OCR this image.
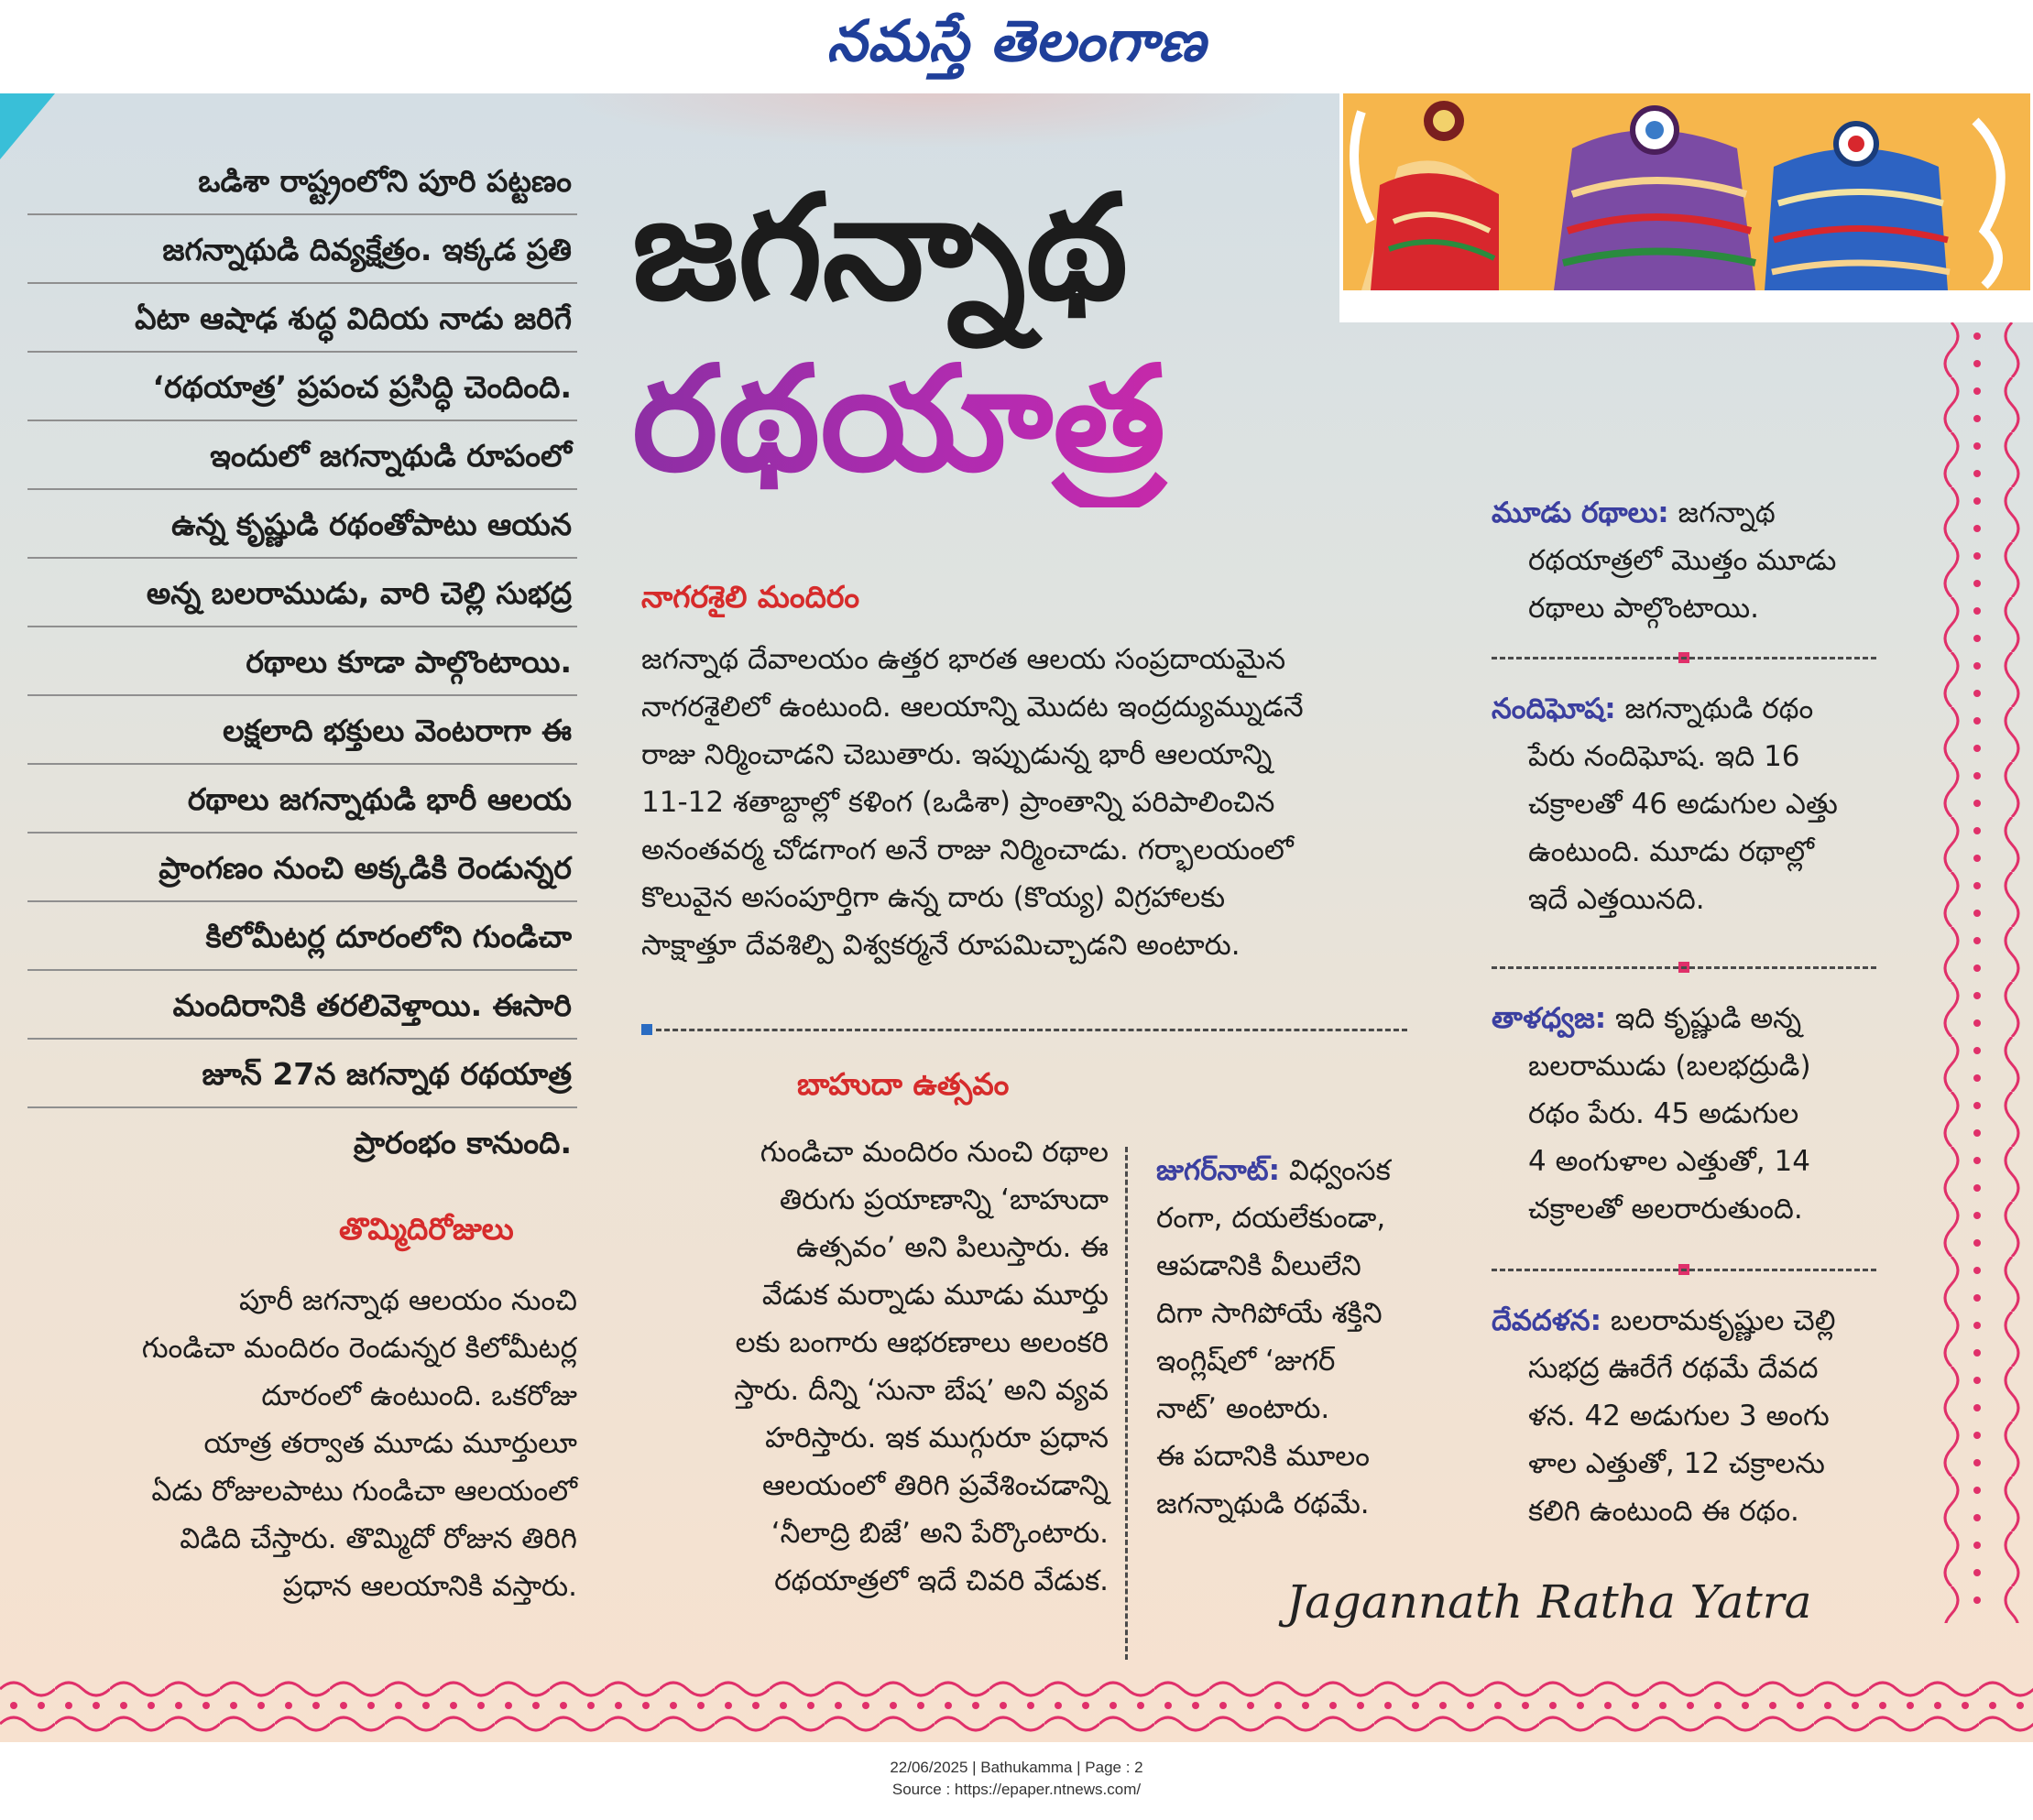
నమస్తే తెలంగాణ

ఒడిశా రాష్ట్రంలోని పూరి పట్టణం

జగన్నాథుడి దివ్యక్షేత్రం. ఇక్కడ ప్రతి

ఏటా ఆషాఢ శుద్ధ విదియ నాడు జరిగే

‘రథయాత్ర’ ప్రపంచ ప్రసిద్ధి చెందింది.

ఇందులో జగన్నాథుడి రూపంలో

ఉన్న కృష్ణుడి రథంతోపాటు ఆయన

అన్న బలరాముడు, వారి చెల్లి సుభద్ర

రథాలు కూడా పాల్గొంటాయి.

లక్షలాది భక్తులు వెంటరాగా ఈ

రథాలు జగన్నాథుడి భారీ ఆలయ

ప్రాంగణం నుంచి అక్కడికి రెండున్నర

కిలోమీటర్ల దూరంలోని గుండిచా

మందిరానికి తరలివెళ్తాయి. ఈసారి

జూన్ 27న జగన్నాథ రథయాత్ర

ప్రారంభం కానుంది.

జగన్నాథ
రథయాత్ర
నాగరశైలి మందిరం
జగన్నాథ దేవాలయం ఉత్తర భారత ఆలయ సంప్రదాయమైన
నాగరశైలిలో ఉంటుంది. ఆలయాన్ని మొదట ఇంద్రద్యుమ్నుడనే
రాజు నిర్మించాడని చెబుతారు. ఇప్పుడున్న భారీ ఆలయాన్ని
11-12 శతాబ్దాల్లో కళింగ (ఒడిశా) ప్రాంతాన్ని పరిపాలించిన
అనంతవర్మ చోడగాంగ అనే రాజు నిర్మించాడు. గర్భాలయంలో
కొలువైన అసంపూర్తిగా ఉన్న దారు (కొయ్య) విగ్రహాలకు
సాక్షాత్తూ దేవశిల్పి విశ్వకర్మనే రూపమిచ్చాడని అంటారు.
బాహుదా ఉత్సవం
గుండిచా మందిరం నుంచి రథాల
తిరుగు ప్రయాణాన్ని ‘బాహుదా
ఉత్సవం’ అని పిలుస్తారు. ఈ
వేడుక మర్నాడు మూడు మూర్తు
లకు బంగారు ఆభరణాలు అలంకరి
స్తారు. దీన్ని ‘సునా బేష’ అని వ్యవ
హరిస్తారు. ఇక ముగ్గురూ ప్రధాన
ఆలయంలో తిరిగి ప్రవేశించడాన్ని
‘నీలాద్రి బిజే’ అని పేర్కొంటారు.
రథయాత్రలో ఇదే చివరి వేడుక.
జుగర్‌నాట్: విధ్వంసక
రంగా, దయలేకుండా,
ఆపడానికి వీలులేని
దిగా సాగిపోయే శక్తిని
ఇంగ్లిష్‌లో ‘జుగర్
నాట్’ అంటారు.
ఈ పదానికి మూలం
జగన్నాథుడి రథమే.
తొమ్మిదిరోజులు
పూరీ జగన్నాథ ఆలయం నుంచి
గుండిచా మందిరం రెండున్నర కిలోమీటర్ల
దూరంలో ఉంటుంది. ఒకరోజు
యాత్ర తర్వాత మూడు మూర్తులూ
ఏడు రోజులపాటు గుండిచా ఆలయంలో
విడిది చేస్తారు. తొమ్మిదో రోజున తిరిగి
ప్రధాన ఆలయానికి వస్తారు.
మూడు రథాలు: జగన్నాథ
రథయాత్రలో మొత్తం మూడు
రథాలు పాల్గొంటాయి.
నందిఘోష: జగన్నాథుడి రథం
పేరు నందిఘోష. ఇది 16
చక్రాలతో 46 అడుగుల ఎత్తు
ఉంటుంది. మూడు రథాల్లో
ఇదే ఎత్తయినది.
తాళధ్వజ: ఇది కృష్ణుడి అన్న
బలరాముడు (బలభద్రుడి)
రథం పేరు. 45 అడుగుల
4 అంగుళాల ఎత్తుతో, 14
చక్రాలతో అలరారుతుంది.
దేవదళన: బలరామకృష్ణుల చెల్లి
సుభద్ర ఊరేగే రథమే దేవద
ళన. 42 అడుగుల 3 అంగు
ళాల ఎత్తుతో, 12 చక్రాలను
కలిగి ఉంటుంది ఈ రథం.
Jagannath Ratha Yatra
22/06/2025 | Bathukamma | Page : 2
Source : https://epaper.ntnews.com/
